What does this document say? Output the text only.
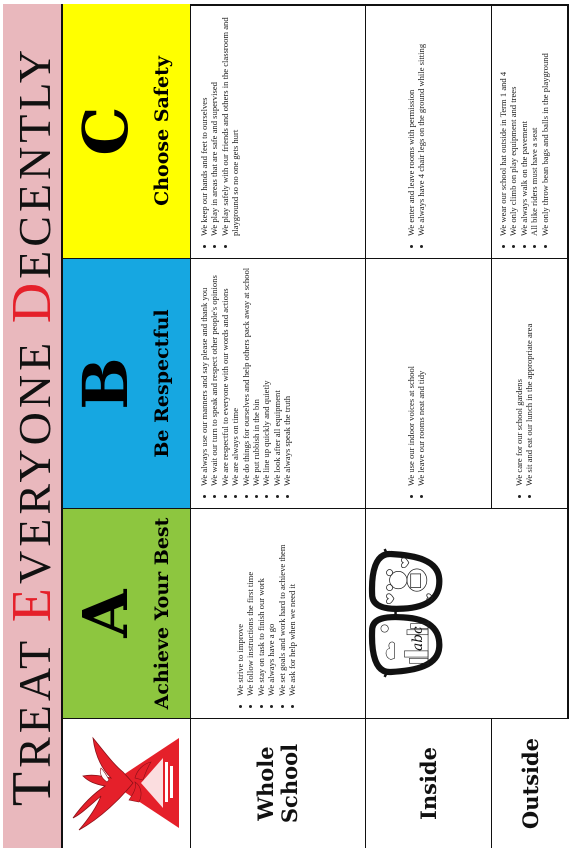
TREAT EVERYONE DECENTLY
A Achieve Your Best
B Be Respectful
C Choose Safety
Whole
School
• We strive to improve • We follow instructions the first time • We stay on task to finish our work • We always have a go • We set goals and work hard to achieve them • We ask for help when we need it
• We always use our manners and say please and thank you • We wait our turn to speak and respect other people's opinions • We are respectful to everyone with our words and actions • We are always on time • We do things for ourselves and help others pack away at school • We put rubbish in the bin • We line up quickly and quietly • We look after all equipment • We always speak the truth
• We keep our hands and feet to ourselves • We play in areas that are safe and supervised • We play safely with our friends and others in the classroom and playground so no one gets hurt
Inside
abc
• We use our indoor voices at school • We leave our rooms neat and tidy
• We enter and leave rooms with permission • We always have 4 chair legs on the ground while sitting
Outside
• We care for our school gardens • We sit and eat our lunch in the appropriate area
• We wear our school hat outside in Term 1 and 4 • We only climb on play equipment and trees • We always walk on the pavement • All bike riders must have a seat • We only throw bean bags and balls in the playground
